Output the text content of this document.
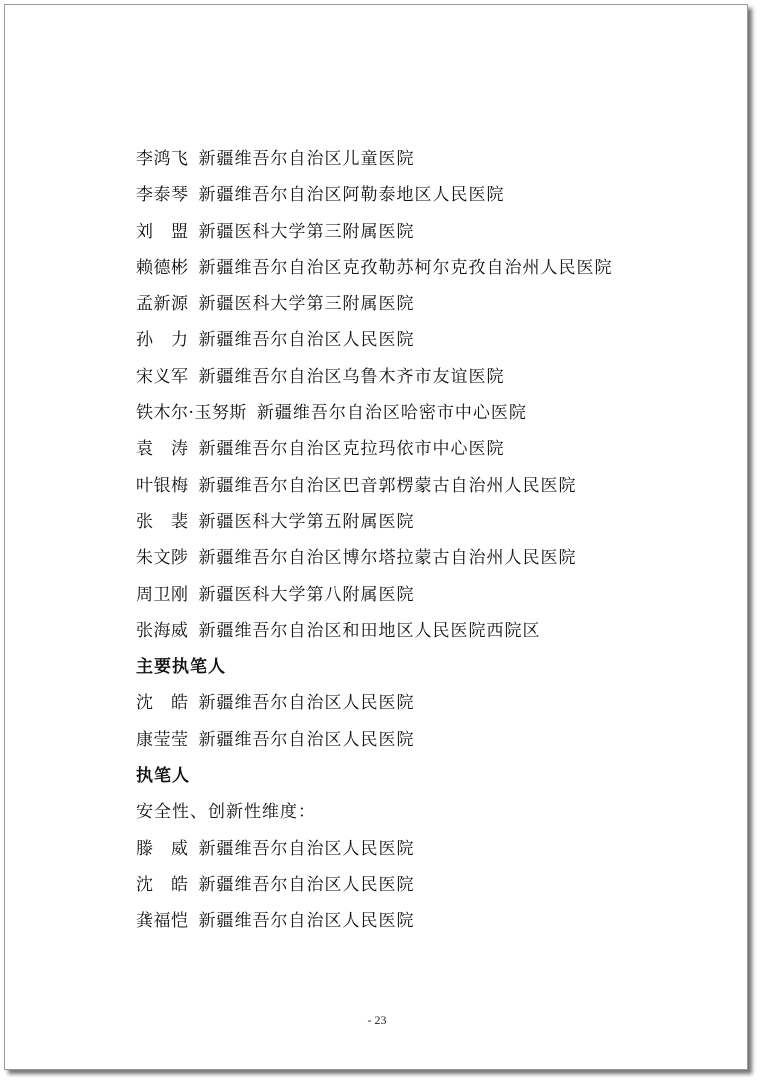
李鸿飞 新疆维吾尔自治区儿童医院
李泰琴 新疆维吾尔自治区阿勒泰地区人民医院
刘　盟 新疆医科大学第三附属医院
赖德彬 新疆维吾尔自治区克孜勒苏柯尔克孜自治州人民医院
孟新源 新疆医科大学第三附属医院
孙　力 新疆维吾尔自治区人民医院
宋义军 新疆维吾尔自治区乌鲁木齐市友谊医院
铁木尔·玉努斯 新疆维吾尔自治区哈密市中心医院
袁　涛 新疆维吾尔自治区克拉玛依市中心医院
叶银梅 新疆维吾尔自治区巴音郭楞蒙古自治州人民医院
张　裴 新疆医科大学第五附属医院
朱文陟 新疆维吾尔自治区博尔塔拉蒙古自治州人民医院
周卫刚 新疆医科大学第八附属医院
张海威 新疆维吾尔自治区和田地区人民医院西院区
主要执笔人
沈　皓 新疆维吾尔自治区人民医院
康莹莹 新疆维吾尔自治区人民医院
执笔人
安全性、创新性维度：
滕　威 新疆维吾尔自治区人民医院
沈　皓 新疆维吾尔自治区人民医院
龚福恺 新疆维吾尔自治区人民医院
- 23
